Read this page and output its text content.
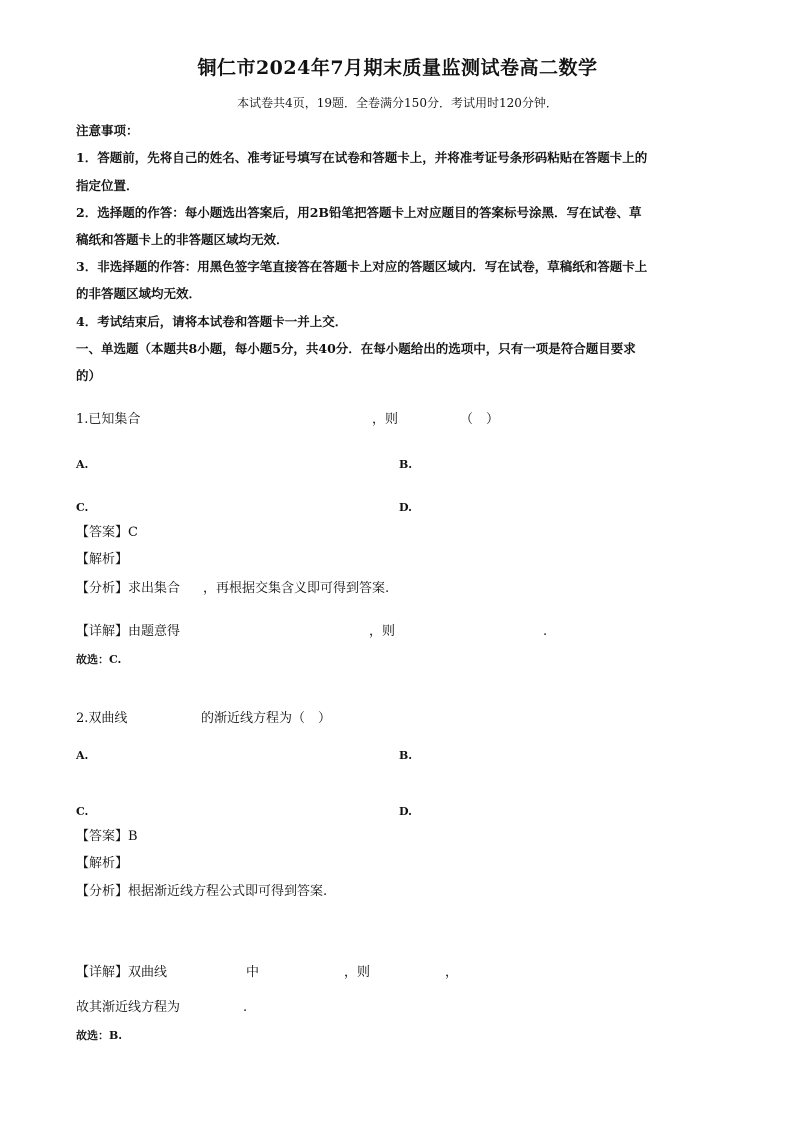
铜仁市2024年7月期末质量监测试卷高二数学
本试卷共4页，19题．全卷满分150分．考试用时120分钟．
注意事项：
1．答题前，先将自己的姓名、准考证号填写在试卷和答题卡上，并将准考证号条形码粘贴在答题卡上的
指定位置．
2．选择题的作答：每小题选出答案后，用2B铅笔把答题卡上对应题目的答案标号涂黑．写在试卷、草
稿纸和答题卡上的非答题区域均无效．
3．非选择题的作答：用黑色签字笔直接答在答题卡上对应的答题区域内．写在试卷，草稿纸和答题卡上
的非答题区域均无效．
4．考试结束后，请将本试卷和答题卡一并上交．
一、单选题（本题共8小题，每小题5分，共40分．在每小题给出的选项中，只有一项是符合题目要求
的）
1.已知集合	，则	（　）
A.	B.
C.	D.
【答案】C
【解析】
【分析】求出集合 ，再根据交集含义即可得到答案.
【详解】由题意得	，则	.
故选：C.
2.双曲线	的渐近线方程为（　）
A.	B.
C.	D.
【答案】B
【解析】
【分析】根据渐近线方程公式即可得到答案.
【详解】双曲线	中	，则	，
故其渐近线方程为	.
故选：B.
